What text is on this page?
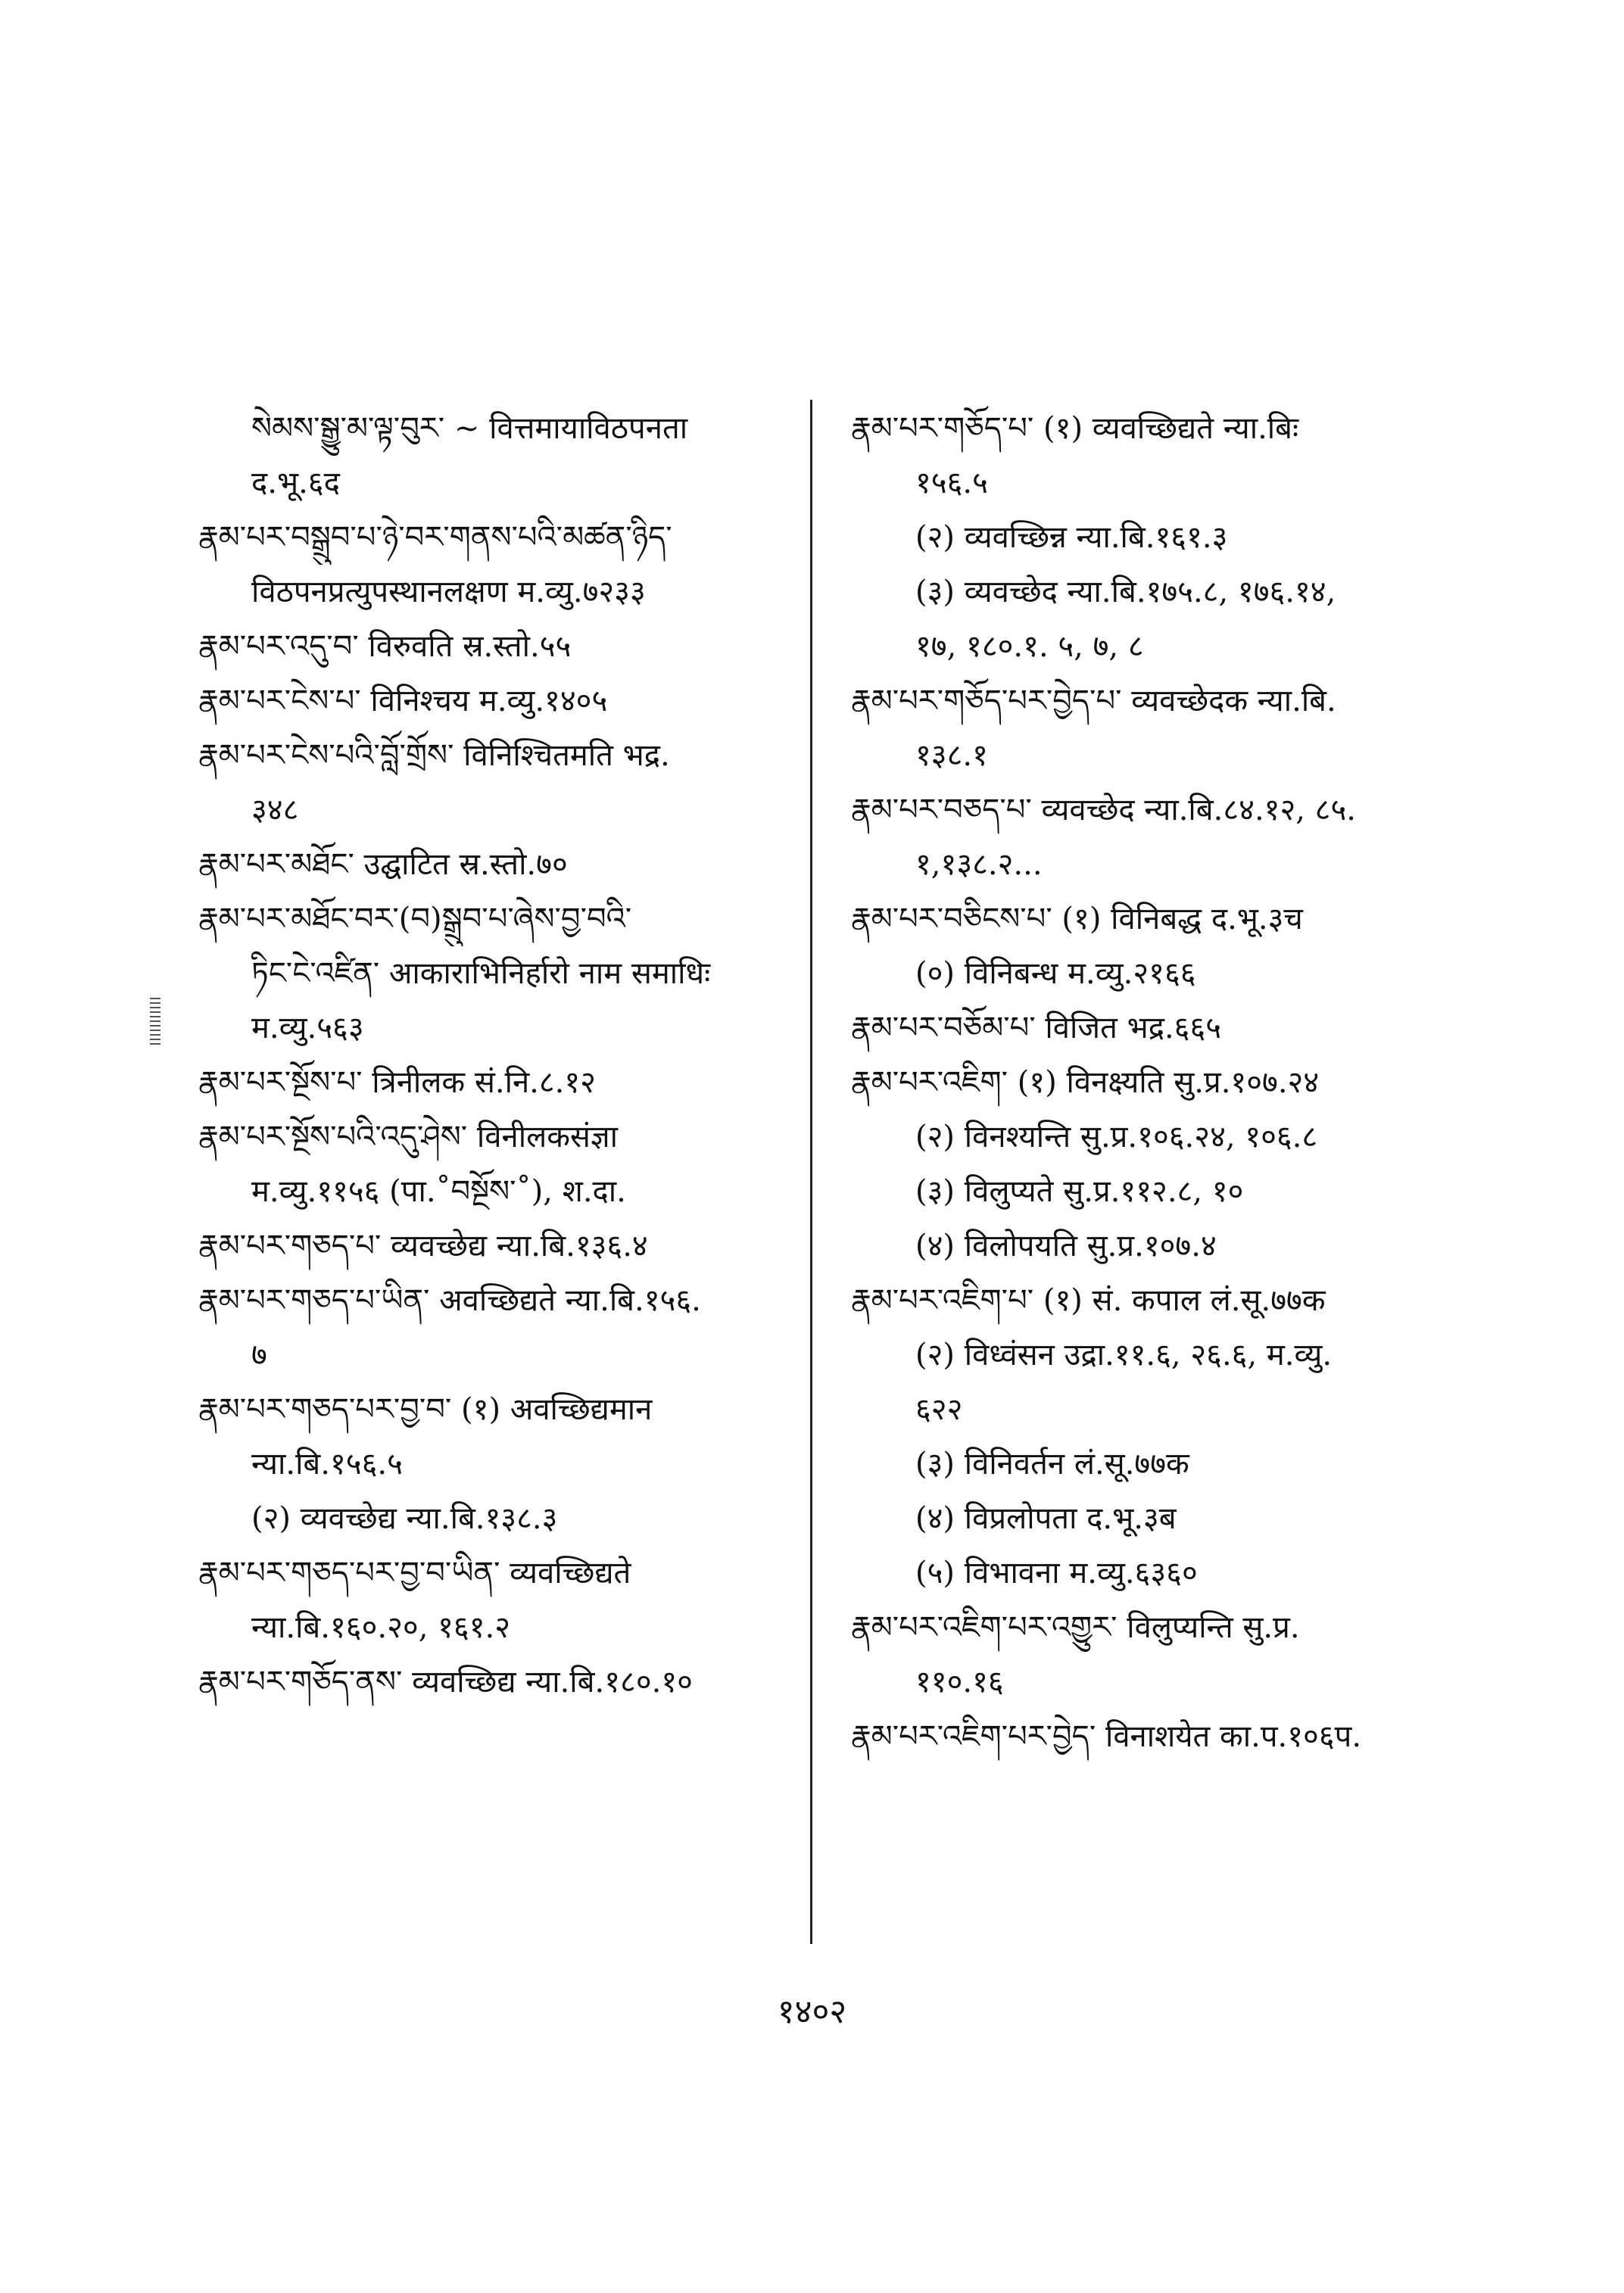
སེམས་སྒྱུ་མ་ལྟ་བུར་ ~ वित्तमायाविठपनता
द.भू.६द
རྣམ་པར་བསྒྲུབ་པ་ཉེ་བར་གནས་པའི་མཚན་ཉིད་
विठपनप्रत्युपस्थानलक्षण म.व्यु.७२३३
རྣམ་པར་འདུ་བ་ विरुवति स्र.स्तो.५५
རྣམ་པར་ངེས་པ་ विनिश्चय म.व्यु.१४०५
རྣམ་པར་ངེས་པའི་བློ་གྲོས་ विनिश्चितमति भद्र.
३४८
རྣམ་པར་མཐོང་ उद्घाटित स्र.स्तो.७०
རྣམ་པར་མཐོང་བར་(བ)སྒྲུབ་པ་ཞེས་བྱ་བའི་
ཏིང་ངེ་འཛིན་ आकाराभिनिर्हारो नाम समाधिः
म.व्यु.५६३
རྣམ་པར་སྔོས་པ་ त्रिनीलक सं.नि.८.१२
རྣམ་པར་སྔོས་པའི་འདུ་ཤེས་ विनीलकसंज्ञा
म.व्यु.११५६ (पा.˚བསྔོས་˚), श.दा.
རྣམ་པར་གཅད་པ་ व्यवच्छेद्य न्या.बि.१३६.४
རྣམ་པར་གཅད་པ་ཡིན་ अवच्छिद्यते न्या.बि.१५६.
७
རྣམ་པར་གཅད་པར་བྱ་བ་ (१) अवच्छिद्यमान
न्या.बि.१५६.५
(२) व्यवच्छेद्य न्या.बि.१३८.३
རྣམ་པར་གཅད་པར་བྱ་བ་ཡིན་ व्यवच्छिद्यते
न्या.बि.१६०.२०, १६१.२
རྣམ་པར་གཅོད་ནས་ व्यवच्छिद्य न्या.बि.१८०.१०
རྣམ་པར་གཅོད་པ་ (१) व्यवच्छिद्यते न्या.बिः
१५६.५
(२) व्यवच्छिन्न न्या.बि.१६१.३
(३) व्यवच्छेद न्या.बि.१७५.८, १७६.१४,
१७, १८०.१. ५, ७, ८
རྣམ་པར་གཅོད་པར་བྱེད་པ་ व्यवच्छेदक न्या.बि.
१३८.१
རྣམ་པར་བཅད་པ་ व्यवच्छेद न्या.बि.८४.१२, ८५.
१,१३८.२...
རྣམ་པར་བཅིངས་པ་ (१) विनिबद्ध द.भू.३च
(०) विनिबन्ध म.व्यु.२१६६
རྣམ་པར་བཅོམ་པ་ विजित भद्र.६६५
རྣམ་པར་འཇིག་ (१) विनक्ष्यति सु.प्र.१०७.२४
(२) विनश्यन्ति सु.प्र.१०६.२४, १०६.८
(३) विलुप्यते सु.प्र.११२.८, १०
(४) विलोपयति सु.प्र.१०७.४
རྣམ་པར་འཇིག་པ་ (१) सं. कपाल लं.सू.७७क
(२) विध्वंसन उद्रा.११.६, २६.६, म.व्यु.
६२२
(३) विनिवर्तन लं.सू.७७क
(४) विप्रलोपता द.भू.३ब
(५) विभावना म.व्यु.६३६०
རྣམ་པར་འཇིག་པར་འགྱུར་ विलुप्यन्ति सु.प्र.
११०.१६
རྣམ་པར་འཇིག་པར་བྱེད་ विनाशयेत का.प.१०६प.
१४०२
